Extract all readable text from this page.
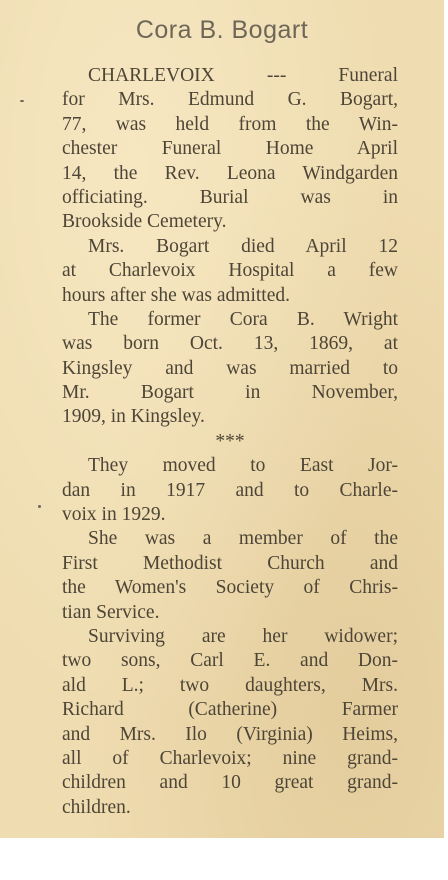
Cora B. Bogart
CHARLEVOIX --- Funeral
for Mrs. Edmund G. Bogart,
77, was held from the Win-
chester Funeral Home April
14, the Rev. Leona Windgarden
officiating. Burial was in
Brookside Cemetery.
Mrs. Bogart died April 12
at Charlevoix Hospital a few
hours after she was admitted.
The former Cora B. Wright
was born Oct. 13, 1869, at
Kingsley and was married to
Mr. Bogart in November,
1909, in Kingsley.
***
They moved to East Jor-
dan in 1917 and to Charle-
voix in 1929.
She was a member of the
First Methodist Church and
the Women's Society of Chris-
tian Service.
Surviving are her widower;
two sons, Carl E. and Don-
ald L.; two daughters, Mrs.
Richard (Catherine) Farmer
and Mrs. Ilo (Virginia) Heims,
all of Charlevoix; nine grand-
children and 10 great grand-
children.
